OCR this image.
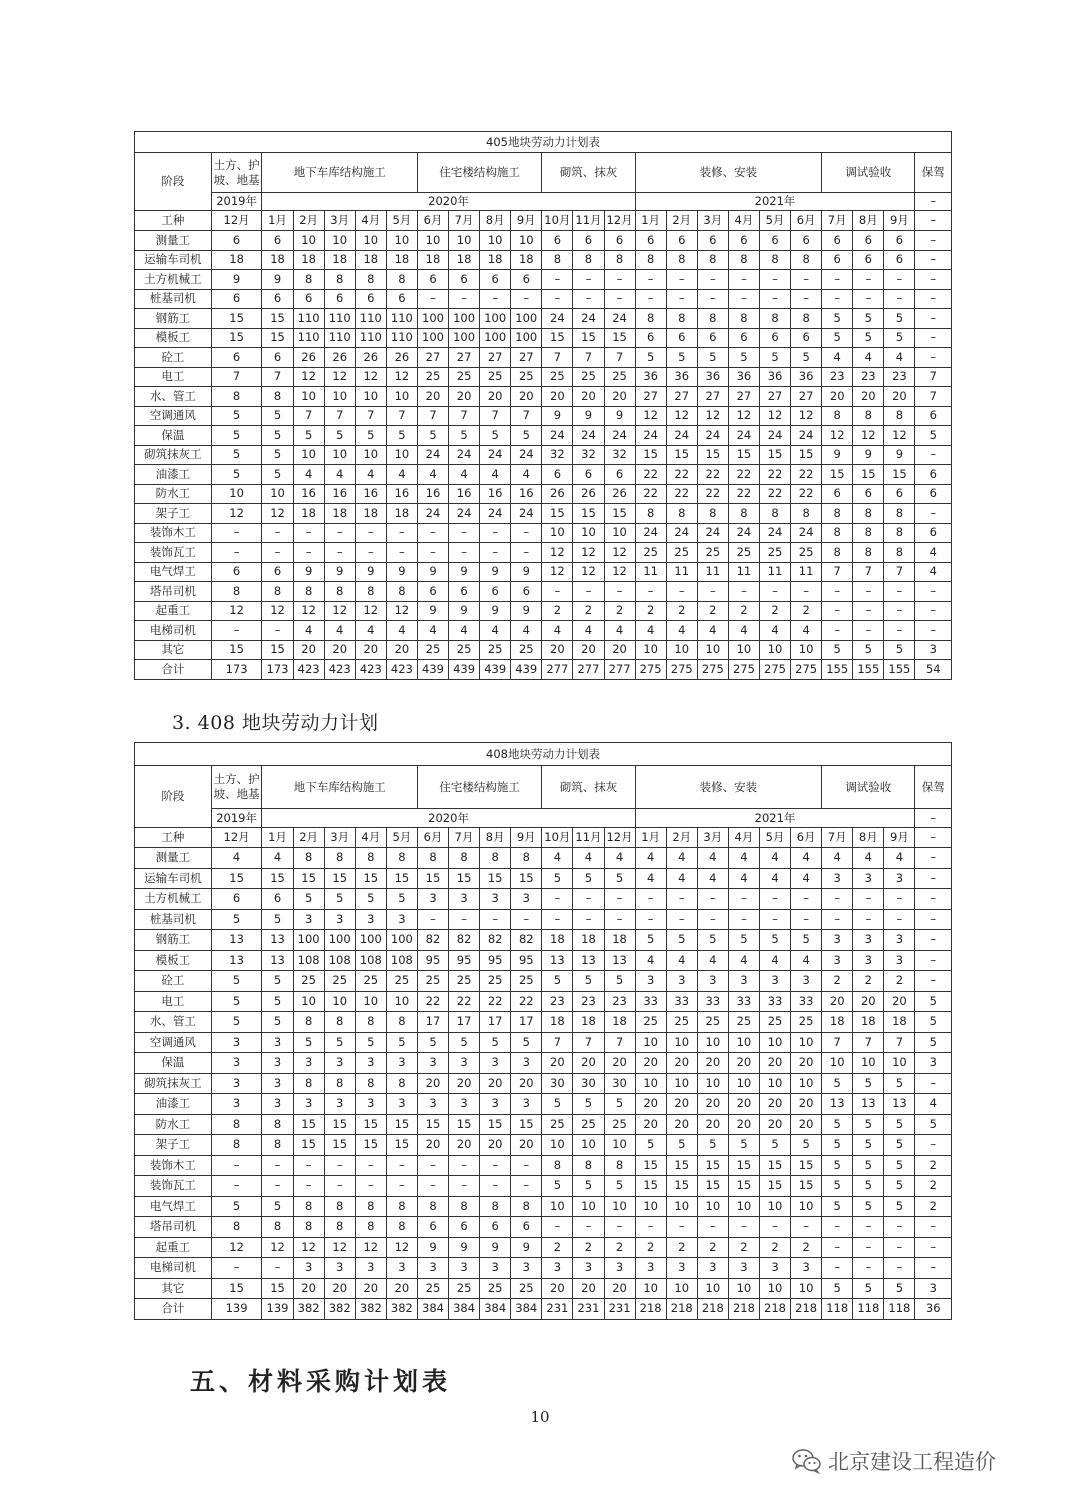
405地块劳动力计划表																							
阶段	土方、护坡、地基	地下车库结构施工					住宅楼结构施工				砌筑、抹灰			装修、安装						调试验收			保驾
	2019年	2020年												2021年									–
工种	12月	1月	2月	3月	4月	5月	6月	7月	8月	9月	10月	11月	12月	1月	2月	3月	4月	5月	6月	7月	8月	9月	–
测量工	6	6	10	10	10	10	10	10	10	10	6	6	6	6	6	6	6	6	6	6	6	6	–
运输车司机	18	18	18	18	18	18	18	18	18	18	8	8	8	8	8	8	8	8	8	6	6	6	–
土方机械工	9	9	8	8	8	8	6	6	6	6	–	–	–	–	–	–	–	–	–	–	–	–	–
桩基司机	6	6	6	6	6	6	–	–	–	–	–	–	–	–	–	–	–	–	–	–	–	–	–
钢筋工	15	15	110	110	110	110	100	100	100	100	24	24	24	8	8	8	8	8	8	5	5	5	–
模板工	15	15	110	110	110	110	100	100	100	100	15	15	15	6	6	6	6	6	6	5	5	5	–
砼工	6	6	26	26	26	26	27	27	27	27	7	7	7	5	5	5	5	5	5	4	4	4	–
电工	7	7	12	12	12	12	25	25	25	25	25	25	25	36	36	36	36	36	36	23	23	23	7
水、管工	8	8	10	10	10	10	20	20	20	20	20	20	20	27	27	27	27	27	27	20	20	20	7
空调通风	5	5	7	7	7	7	7	7	7	7	9	9	9	12	12	12	12	12	12	8	8	8	6
保温	5	5	5	5	5	5	5	5	5	5	24	24	24	24	24	24	24	24	24	12	12	12	5
砌筑抹灰工	5	5	10	10	10	10	24	24	24	24	32	32	32	15	15	15	15	15	15	9	9	9	–
油漆工	5	5	4	4	4	4	4	4	4	4	6	6	6	22	22	22	22	22	22	15	15	15	6
防水工	10	10	16	16	16	16	16	16	16	16	26	26	26	22	22	22	22	22	22	6	6	6	6
架子工	12	12	18	18	18	18	24	24	24	24	15	15	15	8	8	8	8	8	8	8	8	8	–
装饰木工	–	–	–	–	–	–	–	–	–	–	10	10	10	24	24	24	24	24	24	8	8	8	6
装饰瓦工	–	–	–	–	–	–	–	–	–	–	12	12	12	25	25	25	25	25	25	8	8	8	4
电气焊工	6	6	9	9	9	9	9	9	9	9	12	12	12	11	11	11	11	11	11	7	7	7	4
塔吊司机	8	8	8	8	8	8	6	6	6	6	–	–	–	–	–	–	–	–	–	–	–	–	–
起重工	12	12	12	12	12	12	9	9	9	9	2	2	2	2	2	2	2	2	2	–	–	–	–
电梯司机	–	–	4	4	4	4	4	4	4	4	4	4	4	4	4	4	4	4	4	–	–	–	–
其它	15	15	20	20	20	20	25	25	25	25	20	20	20	10	10	10	10	10	10	5	5	5	3
合计	173	173	423	423	423	423	439	439	439	439	277	277	277	275	275	275	275	275	275	155	155	155	54
3. 408 地块劳动力计划
408地块劳动力计划表																							
阶段	土方、护坡、地基	地下车库结构施工					住宅楼结构施工				砌筑、抹灰			装修、安装						调试验收			保驾
	2019年	2020年												2021年									–
工种	12月	1月	2月	3月	4月	5月	6月	7月	8月	9月	10月	11月	12月	1月	2月	3月	4月	5月	6月	7月	8月	9月	–
测量工	4	4	8	8	8	8	8	8	8	8	4	4	4	4	4	4	4	4	4	4	4	4	–
运输车司机	15	15	15	15	15	15	15	15	15	15	5	5	5	4	4	4	4	4	4	3	3	3	–
土方机械工	6	6	5	5	5	5	3	3	3	3	–	–	–	–	–	–	–	–	–	–	–	–	–
桩基司机	5	5	3	3	3	3	–	–	–	–	–	–	–	–	–	–	–	–	–	–	–	–	–
钢筋工	13	13	100	100	100	100	82	82	82	82	18	18	18	5	5	5	5	5	5	3	3	3	–
模板工	13	13	108	108	108	108	95	95	95	95	13	13	13	4	4	4	4	4	4	3	3	3	–
砼工	5	5	25	25	25	25	25	25	25	25	5	5	5	3	3	3	3	3	3	2	2	2	–
电工	5	5	10	10	10	10	22	22	22	22	23	23	23	33	33	33	33	33	33	20	20	20	5
水、管工	5	5	8	8	8	8	17	17	17	17	18	18	18	25	25	25	25	25	25	18	18	18	5
空调通风	3	3	5	5	5	5	5	5	5	5	7	7	7	10	10	10	10	10	10	7	7	7	5
保温	3	3	3	3	3	3	3	3	3	3	20	20	20	20	20	20	20	20	20	10	10	10	3
砌筑抹灰工	3	3	8	8	8	8	20	20	20	20	30	30	30	10	10	10	10	10	10	5	5	5	–
油漆工	3	3	3	3	3	3	3	3	3	3	5	5	5	20	20	20	20	20	20	13	13	13	4
防水工	8	8	15	15	15	15	15	15	15	15	25	25	25	20	20	20	20	20	20	5	5	5	5
架子工	8	8	15	15	15	15	20	20	20	20	10	10	10	5	5	5	5	5	5	5	5	5	–
装饰木工	–	–	–	–	–	–	–	–	–	–	8	8	8	15	15	15	15	15	15	5	5	5	2
装饰瓦工	–	–	–	–	–	–	–	–	–	–	5	5	5	15	15	15	15	15	15	5	5	5	2
电气焊工	5	5	8	8	8	8	8	8	8	8	10	10	10	10	10	10	10	10	10	5	5	5	2
塔吊司机	8	8	8	8	8	8	6	6	6	6	–	–	–	–	–	–	–	–	–	–	–	–	–
起重工	12	12	12	12	12	12	9	9	9	9	2	2	2	2	2	2	2	2	2	–	–	–	–
电梯司机	–	–	3	3	3	3	3	3	3	3	3	3	3	3	3	3	3	3	3	–	–	–	–
其它	15	15	20	20	20	20	25	25	25	25	20	20	20	10	10	10	10	10	10	5	5	5	3
合计	139	139	382	382	382	382	384	384	384	384	231	231	231	218	218	218	218	218	218	118	118	118	36
五、材料采购计划表
10
北京建设工程造价
